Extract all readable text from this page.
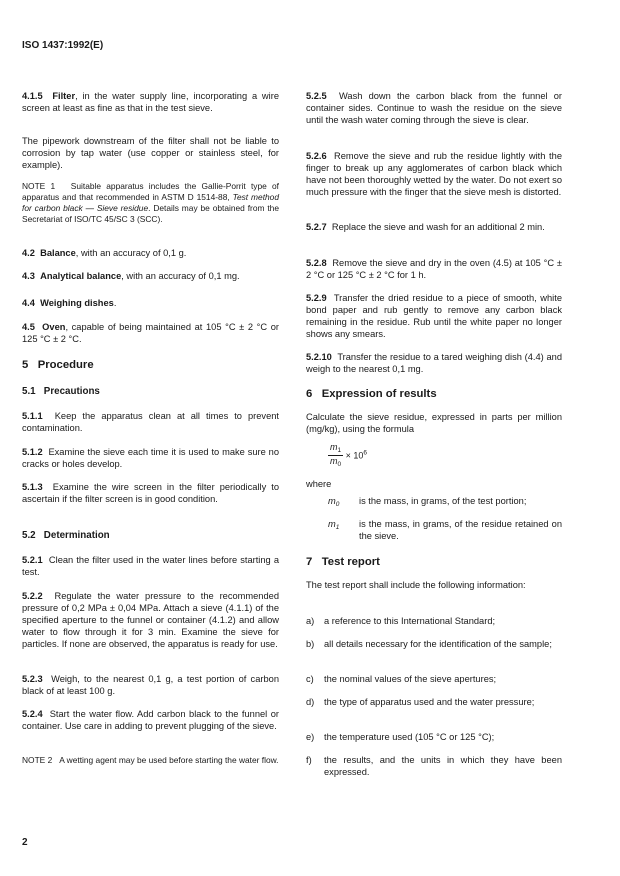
ISO 1437:1992(E)
4.1.5 Filter, in the water supply line, incorporating a wire screen at least as fine as that in the test sieve.
The pipework downstream of the filter shall not be liable to corrosion by tap water (use copper or stainless steel, for example).
NOTE 1 Suitable apparatus includes the Gallie-Porrit type of apparatus and that recommended in ASTM D 1514-88, Test method for carbon black — Sieve residue. Details may be obtained from the Secretariat of ISO/TC 45/SC 3 (SCC).
4.2 Balance, with an accuracy of 0,1 g.
4.3 Analytical balance, with an accuracy of 0,1 mg.
4.4 Weighing dishes.
4.5 Oven, capable of being maintained at 105 °C ± 2 °C or 125 °C ± 2 °C.
5 Procedure
5.1 Precautions
5.1.1 Keep the apparatus clean at all times to prevent contamination.
5.1.2 Examine the sieve each time it is used to make sure no cracks or holes develop.
5.1.3 Examine the wire screen in the filter periodically to ascertain if the filter screen is in good condition.
5.2 Determination
5.2.1 Clean the filter used in the water lines before starting a test.
5.2.2 Regulate the water pressure to the recommended pressure of 0,2 MPa ± 0,04 MPa. Attach a sieve (4.1.1) of the specified aperture to the funnel or container (4.1.2) and allow water to flow through it for 3 min. Examine the sieve for particles. If none are observed, the apparatus is ready for use.
5.2.3 Weigh, to the nearest 0,1 g, a test portion of carbon black of at least 100 g.
5.2.4 Start the water flow. Add carbon black to the funnel or container. Use care in adding to prevent plugging of the sieve.
NOTE 2 A wetting agent may be used before starting the water flow.
5.2.5 Wash down the carbon black from the funnel or container sides. Continue to wash the residue on the sieve until the wash water coming through the sieve is clear.
5.2.6 Remove the sieve and rub the residue lightly with the finger to break up any agglomerates of carbon black which have not been thoroughly wetted by the water. Do not exert so much pressure with the finger that the sieve mesh is distorted.
5.2.7 Replace the sieve and wash for an additional 2 min.
5.2.8 Remove the sieve and dry in the oven (4.5) at 105 °C ± 2 °C or 125 °C ± 2 °C for 1 h.
5.2.9 Transfer the dried residue to a piece of smooth, white bond paper and rub gently to remove any carbon black remaining in the residue. Rub until the white paper no longer shows any smears.
5.2.10 Transfer the residue to a tared weighing dish (4.4) and weigh to the nearest 0,1 mg.
6 Expression of results
Calculate the sieve residue, expressed in parts per million (mg/kg), using the formula
$\frac{m_1}{m_0} \times 10^6$
where
$m_0$ is the mass, in grams, of the test portion;
$m_1$ is the mass, in grams, of the residue retained on the sieve.
7 Test report
The test report shall include the following information:
a) a reference to this International Standard;
b) all details necessary for the identification of the sample;
c) the nominal values of the sieve apertures;
d) the type of apparatus used and the water pressure;
e) the temperature used (105 °C or 125 °C);
f) the results, and the units in which they have been expressed.
2
